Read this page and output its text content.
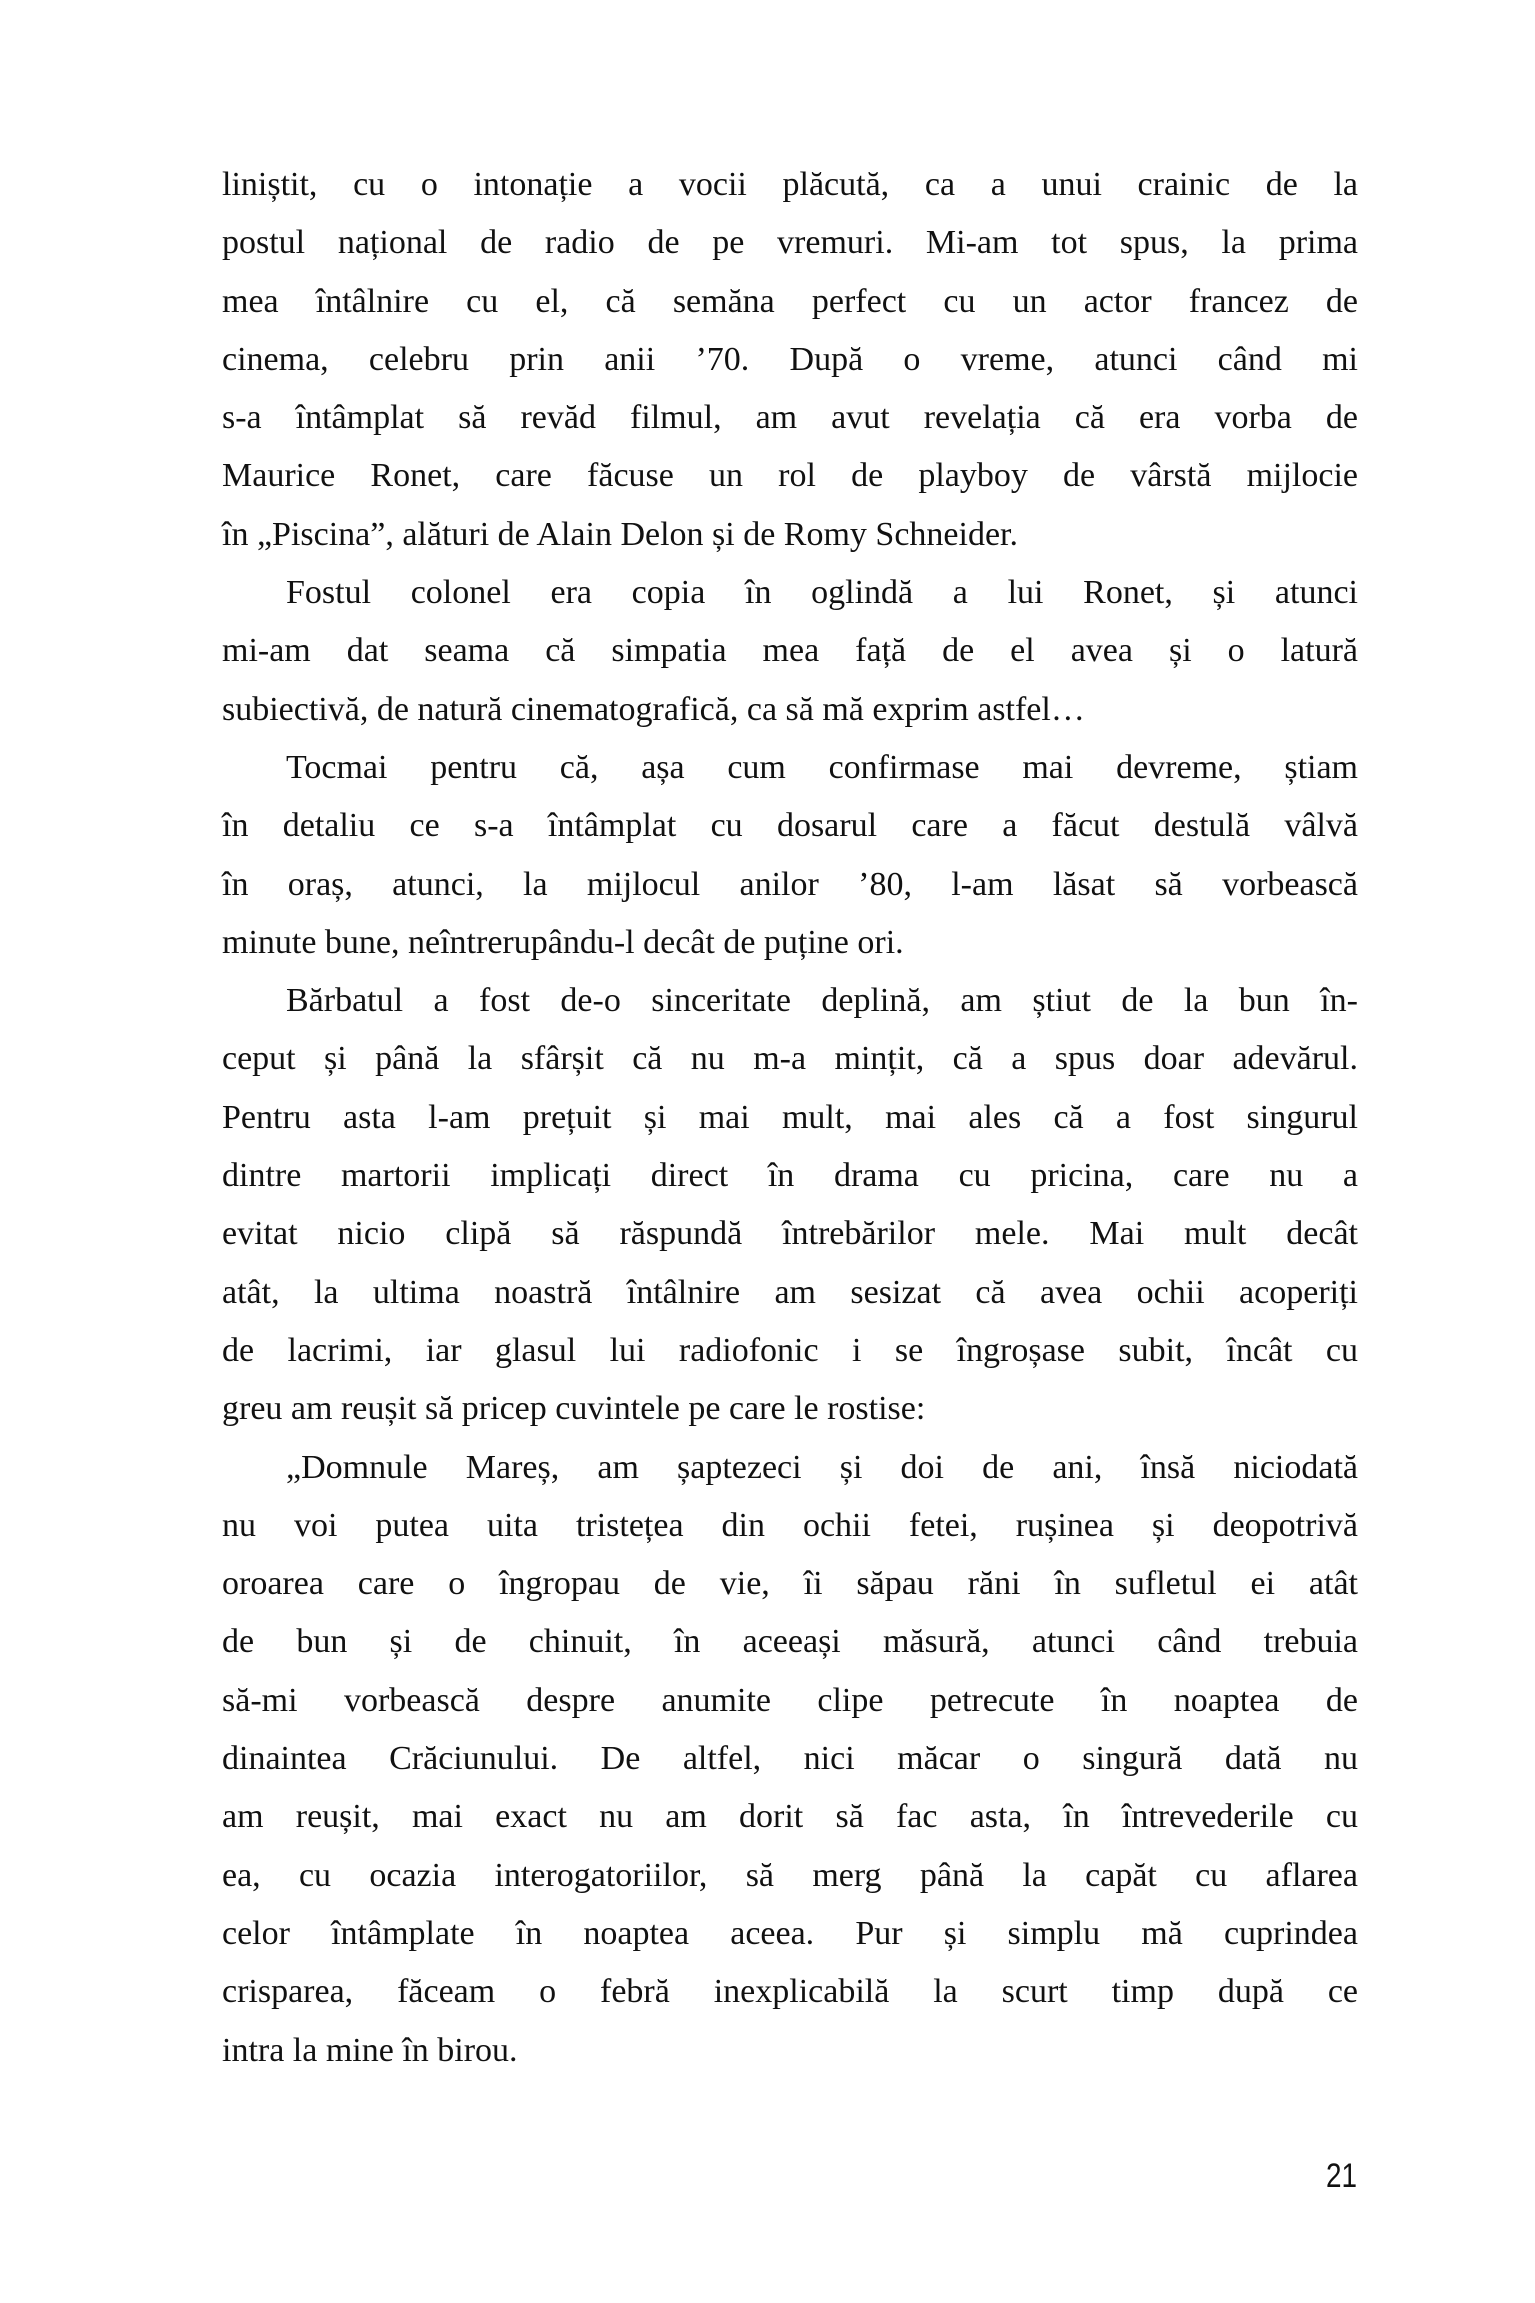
liniștit, cu o intonație a vocii plăcută, ca a unui crainic de la
postul național de radio de pe vremuri. Mi-am tot spus, la prima
mea întâlnire cu el, că semăna perfect cu un actor francez de
cinema, celebru prin anii ’70. După o vreme, atunci când mi
s-a întâmplat să revăd filmul, am avut revelația că era vorba de
Maurice Ronet, care făcuse un rol de playboy de vârstă mijlocie
în „Piscina”, alături de Alain Delon și de Romy Schneider.
Fostul colonel era copia în oglindă a lui Ronet, și atunci
mi-am dat seama că simpatia mea față de el avea și o latură
subiectivă, de natură cinematografică, ca să mă exprim astfel…
Tocmai pentru că, așa cum confirmase mai devreme, știam
în detaliu ce s-a întâmplat cu dosarul care a făcut destulă vâlvă
în oraș, atunci, la mijlocul anilor ’80, l-am lăsat să vorbească
minute bune, neîntrerupându-l decât de puține ori.
Bărbatul a fost de-o sinceritate deplină, am știut de la bun în-
ceput și până la sfârșit că nu m-a mințit, că a spus doar adevărul.
Pentru asta l-am prețuit și mai mult, mai ales că a fost singurul
dintre martorii implicați direct în drama cu pricina, care nu a
evitat nicio clipă să răspundă întrebărilor mele. Mai mult decât
atât, la ultima noastră întâlnire am sesizat că avea ochii acoperiți
de lacrimi, iar glasul lui radiofonic i se îngroșase subit, încât cu
greu am reușit să pricep cuvintele pe care le rostise:
„Domnule Mareș, am șaptezeci și doi de ani, însă niciodată
nu voi putea uita tristețea din ochii fetei, rușinea și deopotrivă
oroarea care o îngropau de vie, îi săpau răni în sufletul ei atât
de bun și de chinuit, în aceeași măsură, atunci când trebuia
să-mi vorbească despre anumite clipe petrecute în noaptea de
dinaintea Crăciunului. De altfel, nici măcar o singură dată nu
am reușit, mai exact nu am dorit să fac asta, în întrevederile cu
ea, cu ocazia interogatoriilor, să merg până la capăt cu aflarea
celor întâmplate în noaptea aceea. Pur și simplu mă cuprindea
crisparea, făceam o febră inexplicabilă la scurt timp după ce
intra la mine în birou.
21
